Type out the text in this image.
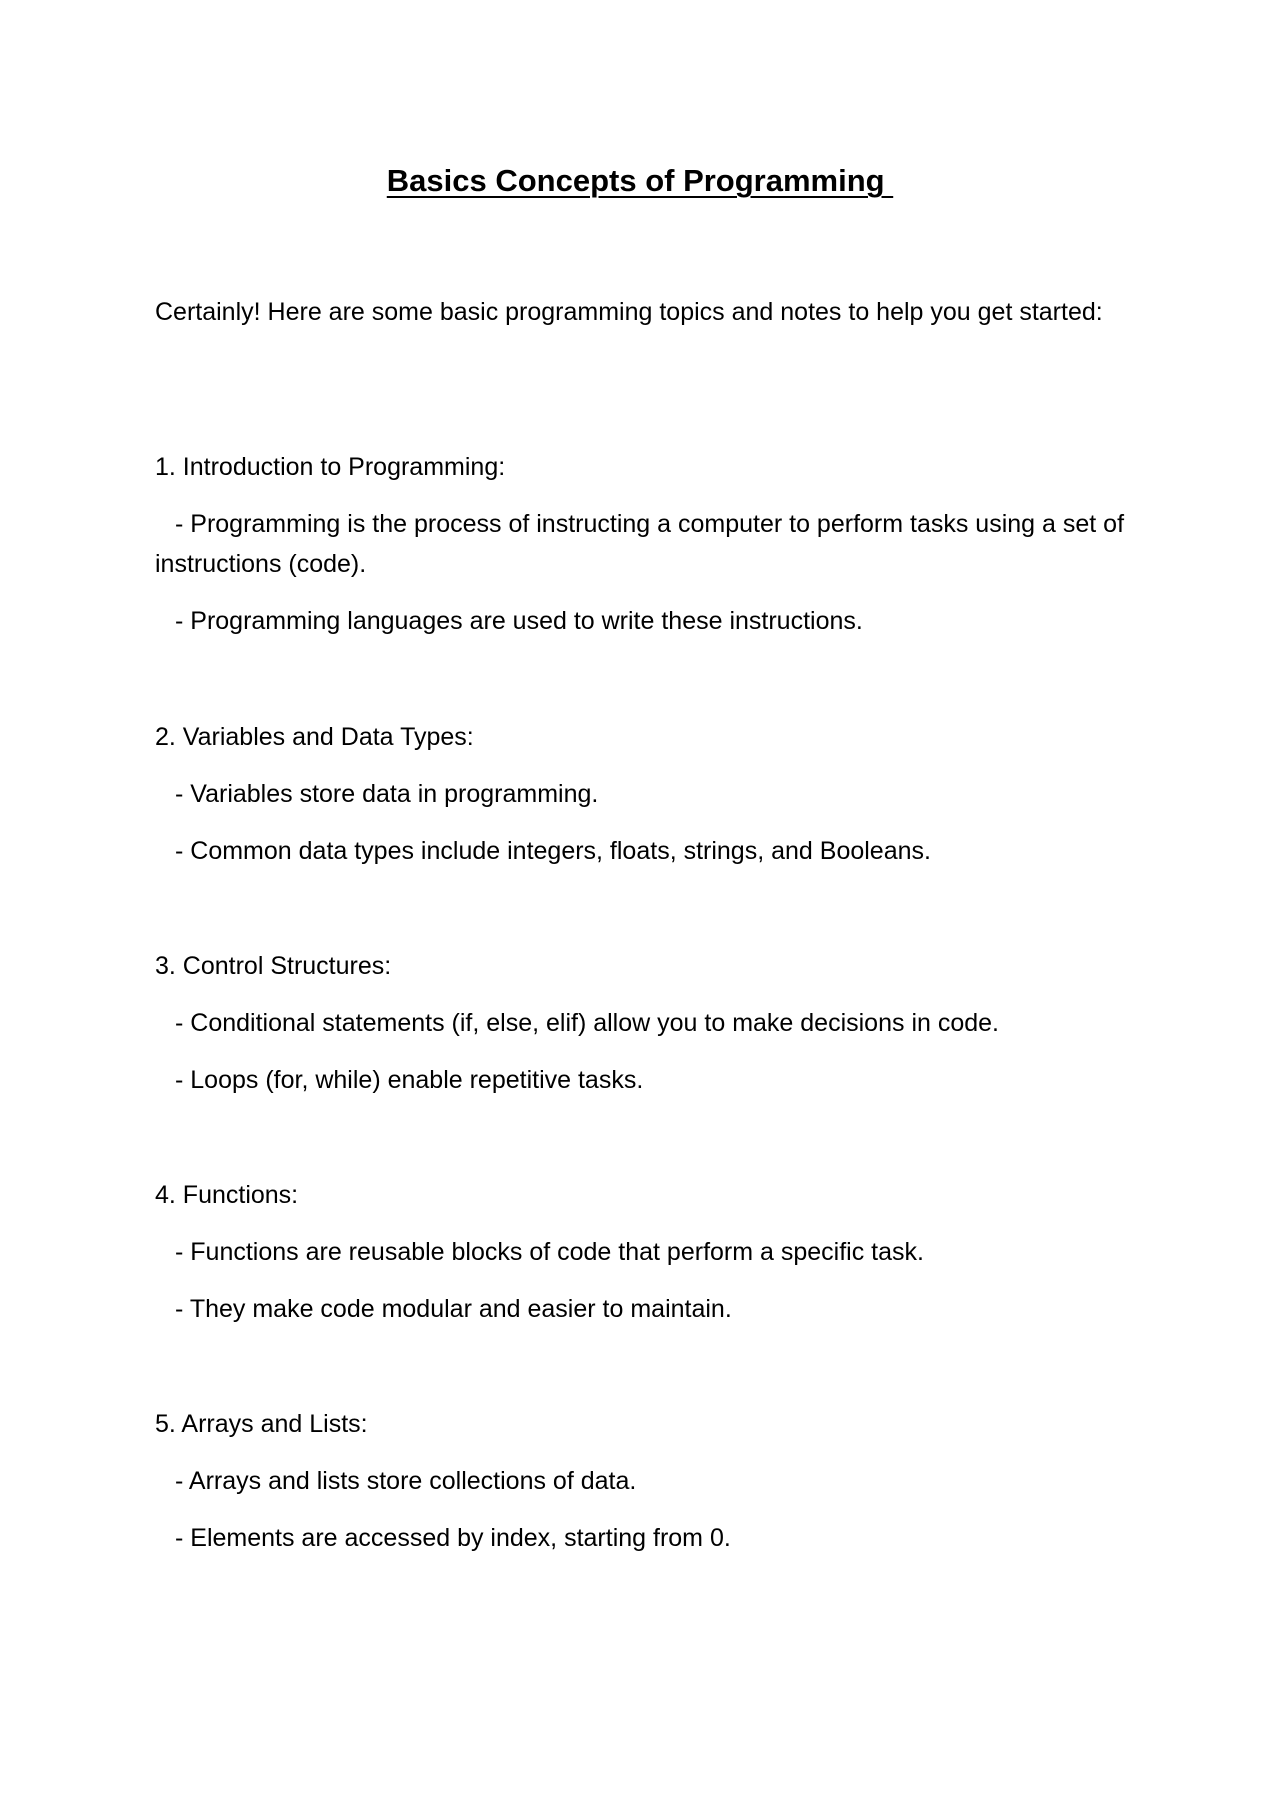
Basics Concepts of Programming
Certainly! Here are some basic programming topics and notes to help you get started:
1. Introduction to Programming:
- Programming is the process of instructing a computer to perform tasks using a set of instructions (code).
- Programming languages are used to write these instructions.
2. Variables and Data Types:
- Variables store data in programming.
- Common data types include integers, floats, strings, and Booleans.
3. Control Structures:
- Conditional statements (if, else, elif) allow you to make decisions in code.
- Loops (for, while) enable repetitive tasks.
4. Functions:
- Functions are reusable blocks of code that perform a specific task.
- They make code modular and easier to maintain.
5. Arrays and Lists:
- Arrays and lists store collections of data.
- Elements are accessed by index, starting from 0.
